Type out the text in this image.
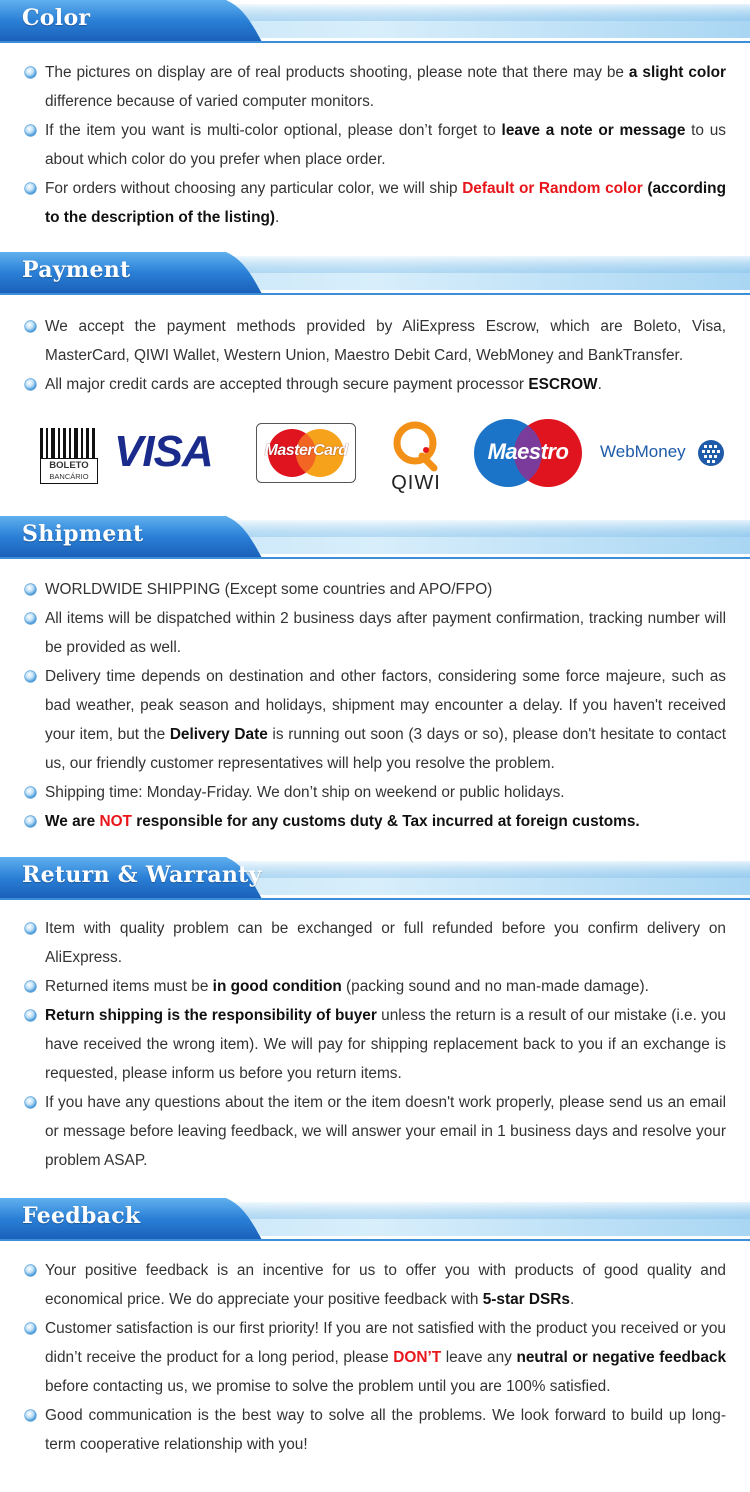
Color
The pictures on display are of real products shooting, please note that there may be a slight color difference because of varied computer monitors.
If the item you want is multi-color optional, please don’t forget to leave a note or message to us about which color do you prefer when place order.
For orders without choosing any particular color, we will ship Default or Random color (according to the description of the listing).
Payment
We accept the payment methods provided by AliExpress Escrow, which are Boleto, Visa, MasterCard, QIWI Wallet, Western Union, Maestro Debit Card, WebMoney and BankTransfer.
All major credit cards are accepted through secure payment processor ESCROW.
BOLETO
BANCÁRIO
VISA	MasterCard
QIWI
Maestro	WebMoney
Shipment
WORLDWIDE SHIPPING (Except some countries and APO/FPO)
All items will be dispatched within 2 business days after payment confirmation, tracking number will be provided as well.
Delivery time depends on destination and other factors, considering some force majeure, such as bad weather, peak season and holidays, shipment may encounter a delay. If you haven't received your item, but the Delivery Date is running out soon (3 days or so), please don't hesitate to contact us, our friendly customer representatives will help you resolve the problem.
Shipping time: Monday-Friday. We don’t ship on weekend or public holidays.
We are NOT responsible for any customs duty & Tax incurred at foreign customs.
Return & Warranty
Item with quality problem can be exchanged or full refunded before you confirm delivery on AliExpress.
Returned items must be in good condition (packing sound and no man-made damage).
Return shipping is the responsibility of buyer unless the return is a result of our mistake (i.e. you have received the wrong item). We will pay for shipping replacement back to you if an exchange is requested, please inform us before you return items.
If you have any questions about the item or the item doesn't work properly, please send us an email or message before leaving feedback, we will answer your email in 1 business days and resolve your problem ASAP.
Feedback
Your positive feedback is an incentive for us to offer you with products of good quality and economical price. We do appreciate your positive feedback with 5-star DSRs.
Customer satisfaction is our first priority! If you are not satisfied with the product you received or you didn’t receive the product for a long period, please DON’T leave any neutral or negative feedback before contacting us, we promise to solve the problem until you are 100% satisfied.
Good communication is the best way to solve all the problems. We look forward to build up long-term cooperative relationship with you!
